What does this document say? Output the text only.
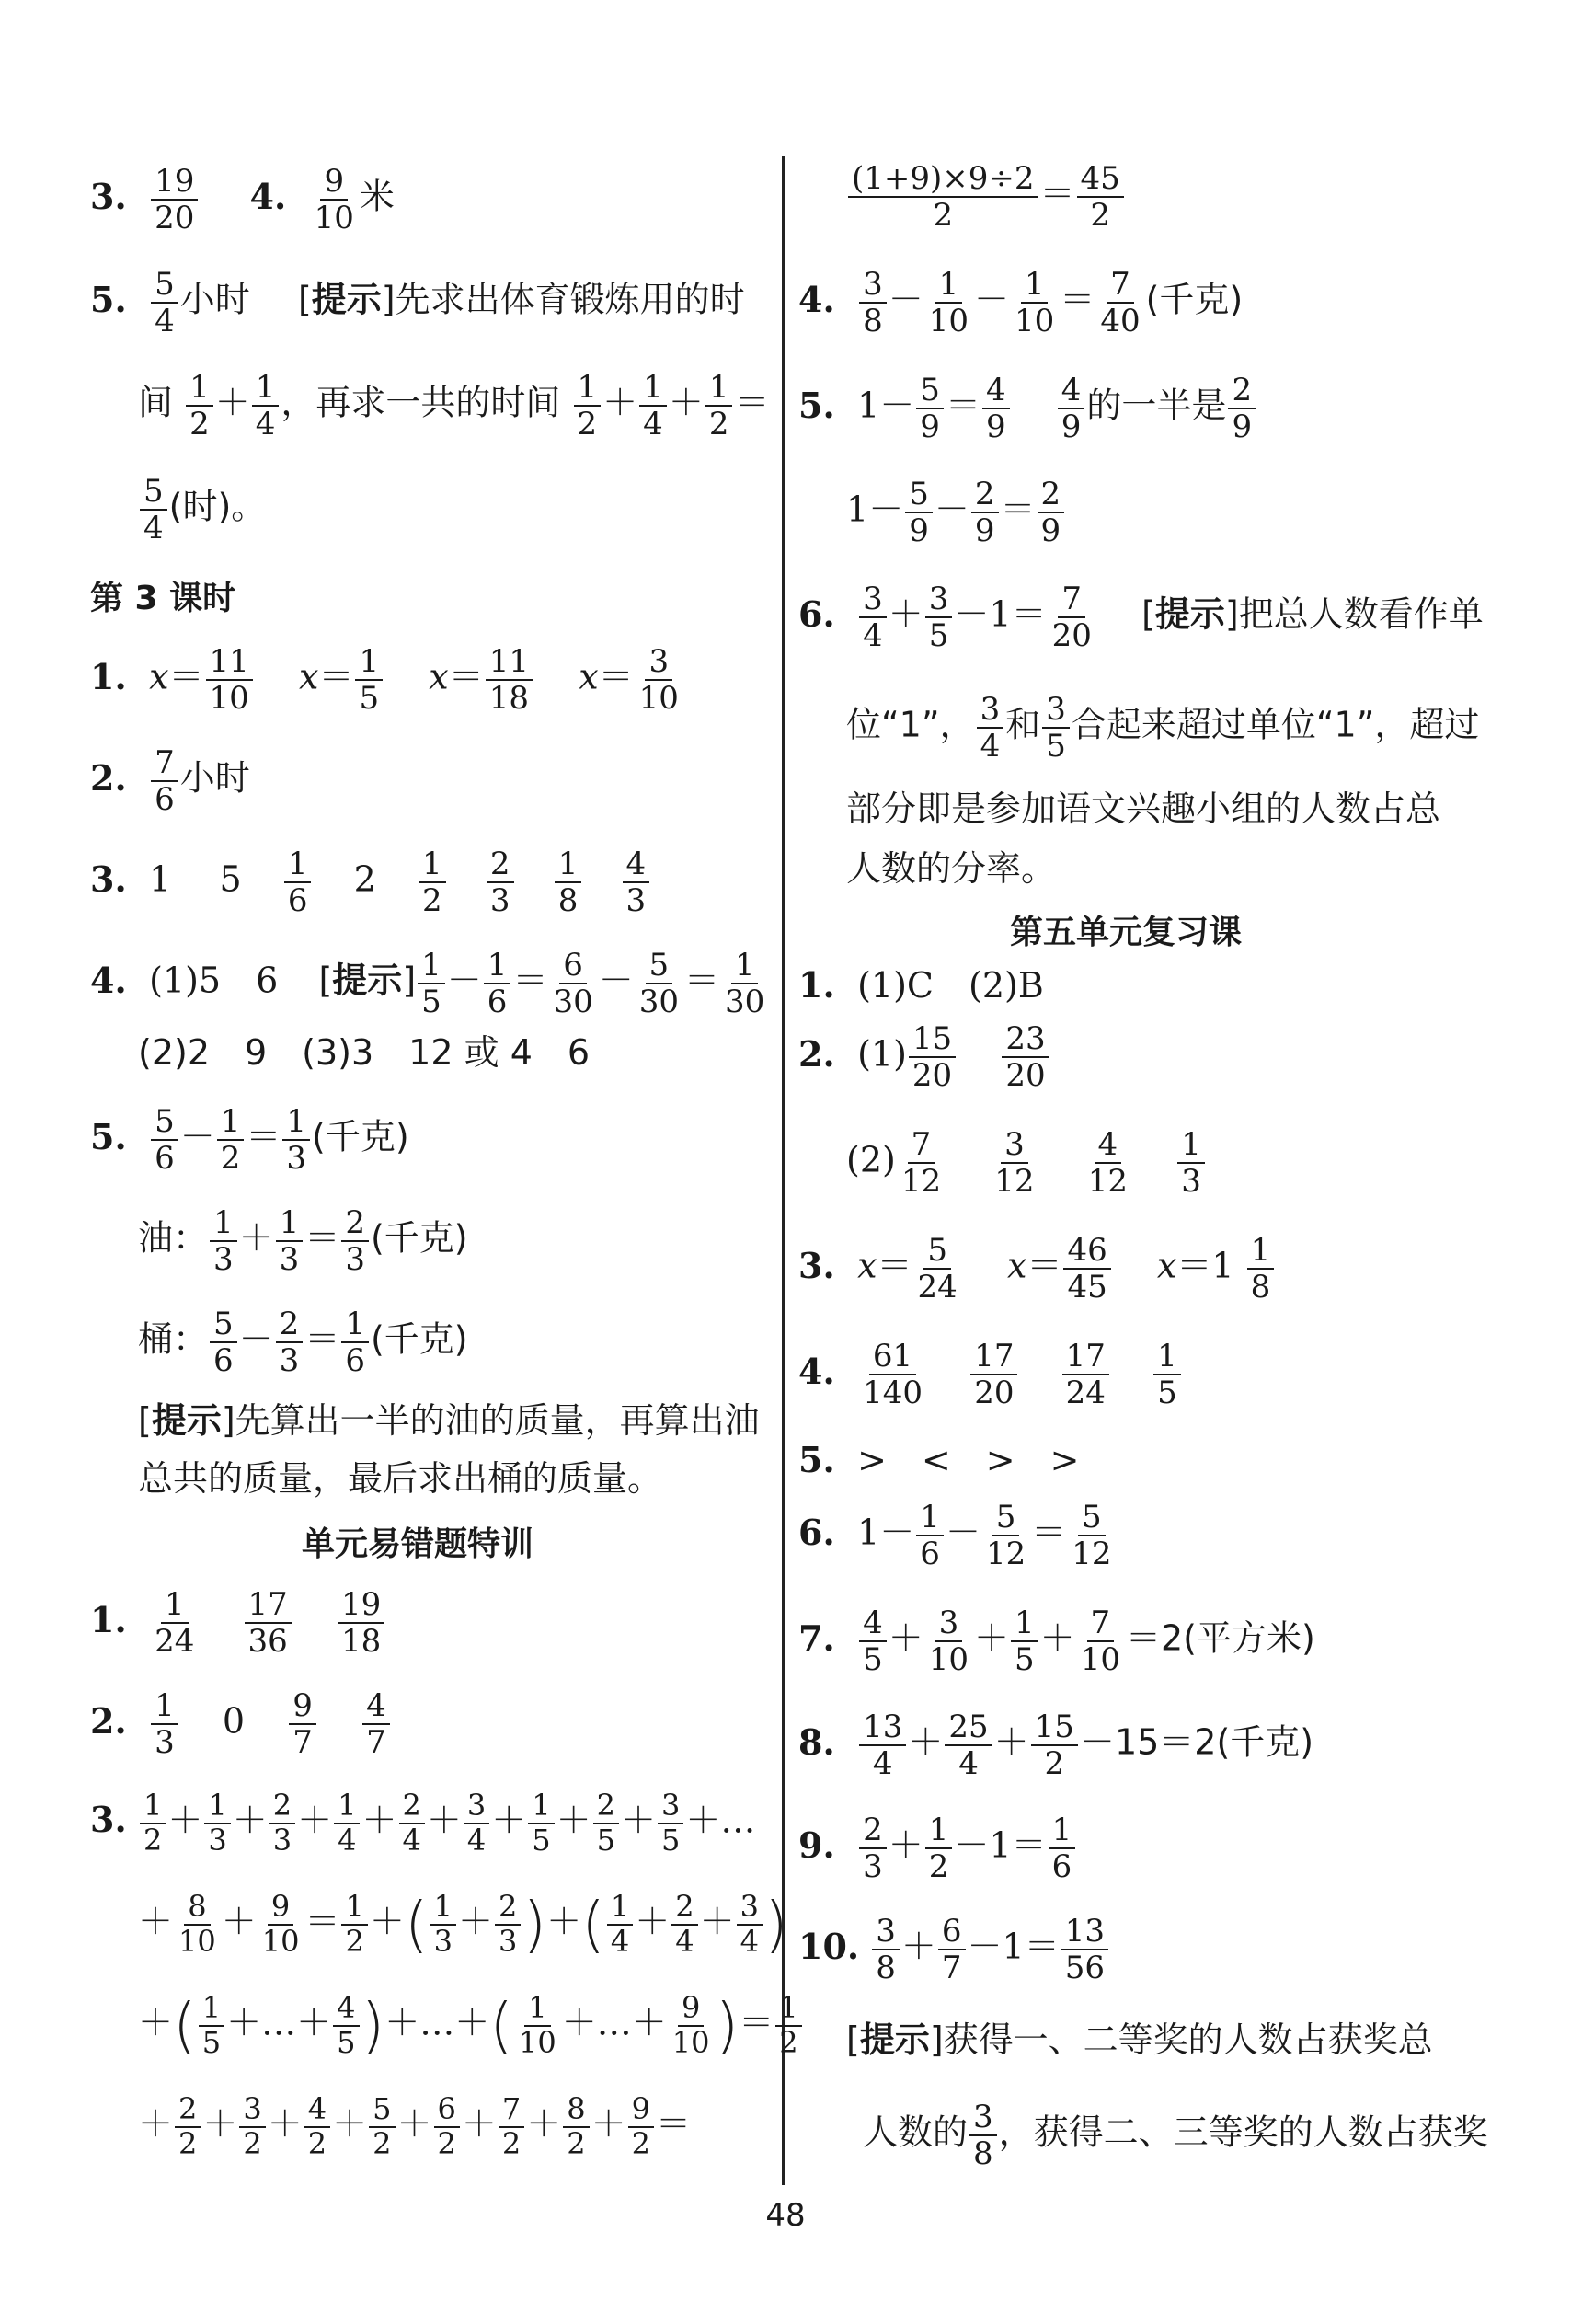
3. $\frac{19}{20} 4$. $\frac{9}{10}$ 米
5. $\frac{5}{4}$ 小时 [提示]先求出体育锻炼用的时
间 $\frac{1}{2} + \frac{1}{4}$ ，再求一共的时间 $\frac{1}{2} + \frac{1}{4} + \frac{1}{2}$ ＝
$\frac{5}{4}$ (时)。
第 3 课时
1. $x= \frac{11}{10} x= \frac{1}{5} x= \frac{11}{18} x= \frac{3}{10}$
2. $\frac{7}{6}$ 小时
3. 1 $5 \frac{1}{6} 2 \frac{1}{2}$
$\frac{2}{3}$
$\frac{1}{8}$
$\frac{4}{3}$
4. (1)5　6 [提示] $\frac{1}{5} - \frac{1}{6} = \frac{6}{30} - \frac{5}{30} = \frac{1}{30}$
(2)2　9　(3)3　12 或 4　6
5. $\frac{5}{6} - \frac{1}{2} = \frac{1}{3}$ (千克)
油： $\frac{1}{3} + \frac{1}{3} = \frac{2}{3}$ (千克)
桶： $\frac{5}{6} - \frac{2}{3} = \frac{1}{6}$ (千克)
[提示]先算出一半的油的质量，再算出油
总共的质量，最后求出桶的质量。
单元易错题特训
1. $\frac{1}{24}$
$\frac{17}{36}$
$\frac{19}{18}$
2. $\frac{1}{3} 0 \frac{9}{7}$
$\frac{4}{7}$
3. $\frac{1}{2} + \frac{1}{3} + \frac{2}{3} + \frac{1}{4} + \frac{2}{4} + \frac{3}{4} + \frac{1}{5} + \frac{2}{5} + \frac{3}{5}$ ＋…
＋ $\frac{8}{10} + \frac{9}{10} = \frac{1}{2}$ ＋( $\frac{1}{3} + \frac{2}{3}$ )＋( $\frac{1}{4} + \frac{2}{4} + \frac{3}{4}$ )
＋( $\frac{1}{5}$ ＋…＋ $\frac{4}{5}$ )＋…＋( $\frac{1}{10}$ ＋…＋ $\frac{9}{10}$ )＝ $\frac{1}{2}$
＋ $\frac{2}{2} + \frac{3}{2} + \frac{4}{2} + \frac{5}{2} + \frac{6}{2} + \frac{7}{2} + \frac{8}{2} + \frac{9}{2}$ ＝
$\frac{(1+9)\times 9\div 2}{2} = \frac{45}{2}$
4. $\frac{3}{8} - \frac{1}{10} - \frac{1}{10} = \frac{7}{40}$ (千克)
5. $1- \frac{5}{9} = \frac{4}{9}$
$\frac{4}{9}$ 的一半是 $\frac{2}{9}$
$1- \frac{5}{9} - \frac{2}{9} = \frac{2}{9}$
6. $\frac{3}{4} + \frac{3}{5} -1= \frac{7}{20}$ [提示]把总人数看作单
位“1”， $\frac{3}{4}$ 和 $\frac{3}{5}$ 合起来超过单位“1”，超过
部分即是参加语文兴趣小组的人数占总
人数的分率。
第五单元复习课
1. (1)C　(2)B
2. $(1) \frac{15}{20}$
$\frac{23}{20}$
$(2) \frac{7}{12}$
$\frac{3}{12}$
$\frac{4}{12}$
$\frac{1}{3}$
3. $x= \frac{5}{24} x= \frac{46}{45} x=1 \frac{1}{8}$
4. $\frac{61}{140}$
$\frac{17}{20}$
$\frac{17}{24}$
$\frac{1}{5}$
5. >　<　>　>
6. $1- \frac{1}{6} - \frac{5}{12} = \frac{5}{12}$
7. $\frac{4}{5} + \frac{3}{10} + \frac{1}{5} + \frac{7}{10} =2$(平方米)
8. $\frac{13}{4} + \frac{25}{4} + \frac{15}{2} -15=2$(千克)
9. $\frac{2}{3} + \frac{1}{2} -1= \frac{1}{6}$
10. $\frac{3}{8} + \frac{6}{7} -1= \frac{13}{56}$
[提示]获得一、二等奖的人数占获奖总
人数的 $\frac{3}{8}$ ，获得二、三等奖的人数占获奖
48
